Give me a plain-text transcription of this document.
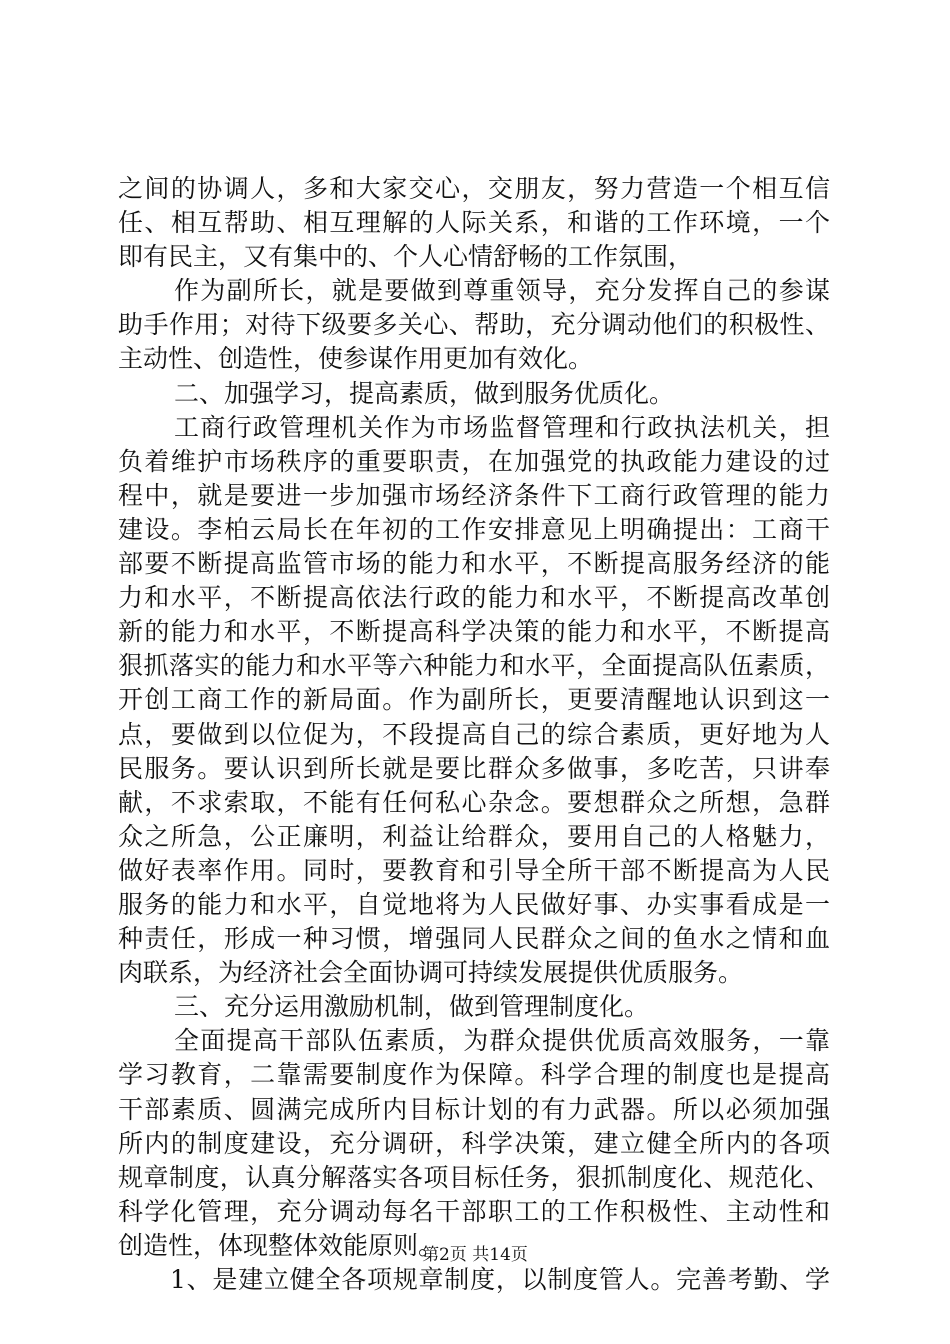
之间的协调人，多和大家交心，交朋友，努力营造一个相互信
任、相互帮助、相互理解的人际关系，和谐的工作环境，一个
即有民主，又有集中的、个人心情舒畅的工作氛围，
作为副所长，就是要做到尊重领导，充分发挥自己的参谋
助手作用；对待下级要多关心、帮助，充分调动他们的积极性、
主动性、创造性，使参谋作用更加有效化。
二、加强学习，提高素质，做到服务优质化。
工商行政管理机关作为市场监督管理和行政执法机关，担
负着维护市场秩序的重要职责，在加强党的执政能力建设的过
程中，就是要进一步加强市场经济条件下工商行政管理的能力
建设。李柏云局长在年初的工作安排意见上明确提出：工商干
部要不断提高监管市场的能力和水平，不断提高服务经济的能
力和水平，不断提高依法行政的能力和水平，不断提高改革创
新的能力和水平，不断提高科学决策的能力和水平，不断提高
狠抓落实的能力和水平等六种能力和水平，全面提高队伍素质，
开创工商工作的新局面。作为副所长，更要清醒地认识到这一
点，要做到以位促为，不段提高自己的综合素质，更好地为人
民服务。要认识到所长就是要比群众多做事，多吃苦，只讲奉
献，不求索取，不能有任何私心杂念。要想群众之所想，急群
众之所急，公正廉明，利益让给群众，要用自己的人格魅力，
做好表率作用。同时，要教育和引导全所干部不断提高为人民
服务的能力和水平，自觉地将为人民做好事、办实事看成是一
种责任，形成一种习惯，增强同人民群众之间的鱼水之情和血
肉联系，为经济社会全面协调可持续发展提供优质服务。
三、充分运用激励机制，做到管理制度化。
全面提高干部队伍素质，为群众提供优质高效服务，一靠
学习教育，二靠需要制度作为保障。科学合理的制度也是提高
干部素质、圆满完成所内目标计划的有力武器。所以必须加强
所内的制度建设，充分调研，科学决策，建立健全所内的各项
规章制度，认真分解落实各项目标任务，狠抓制度化、规范化、
科学化管理，充分调动每名干部职工的工作积极性、主动性和
创造性，体现整体效能原则。
1、是建立健全各项规章制度，以制度管人。完善考勤、学
第2页 共14页
